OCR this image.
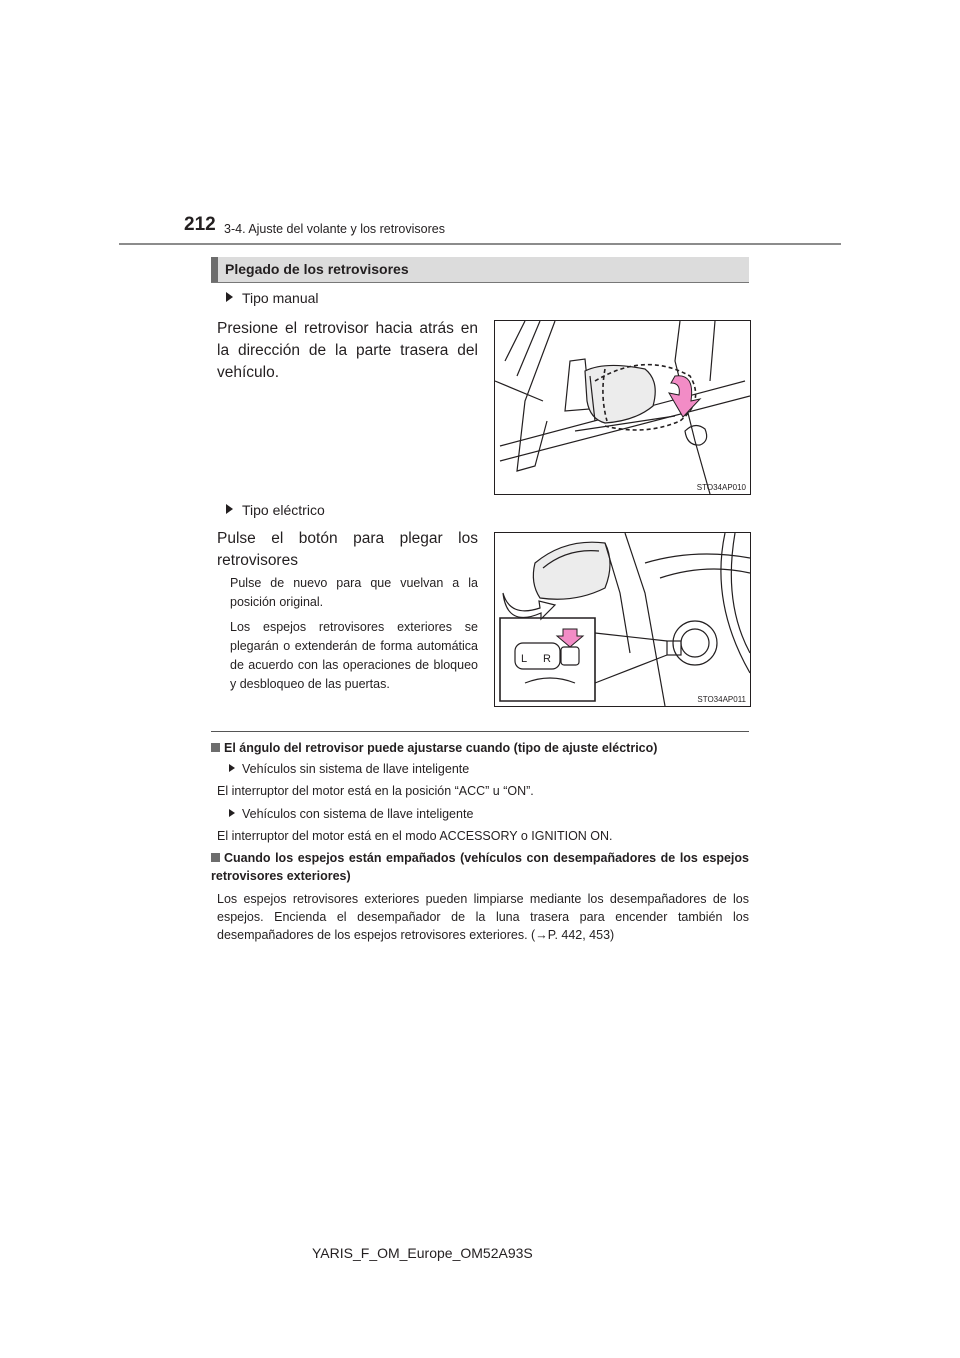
212 3-4. Ajuste del volante y los retrovisores
Plegado de los retrovisores
Tipo manual
Presione el retrovisor hacia atrás en la dirección de la parte trasera del vehículo.
STO34AP010
Tipo eléctrico
Pulse el botón para plegar los retrovisores
Pulse de nuevo para que vuelvan a la posición original.
Los espejos retrovisores exteriores se plegarán o extenderán de forma automática de acuerdo con las operaciones de bloqueo y desbloqueo de las puertas.
L R
STO34AP011
El ángulo del retrovisor puede ajustarse cuando (tipo de ajuste eléctrico)
Vehículos sin sistema de llave inteligente
El interruptor del motor está en la posición “ACC” u “ON”.
Vehículos con sistema de llave inteligente
El interruptor del motor está en el modo ACCESSORY o IGNITION ON.
Cuando los espejos están empañados (vehículos con desempañadores de los espejos retrovisores exteriores)
Los espejos retrovisores exteriores pueden limpiarse mediante los desempañadores de los espejos. Encienda el desempañador de la luna trasera para encender también los desempañadores de los espejos retrovisores exteriores. (→P. 442, 453)
YARIS_F_OM_Europe_OM52A93S
